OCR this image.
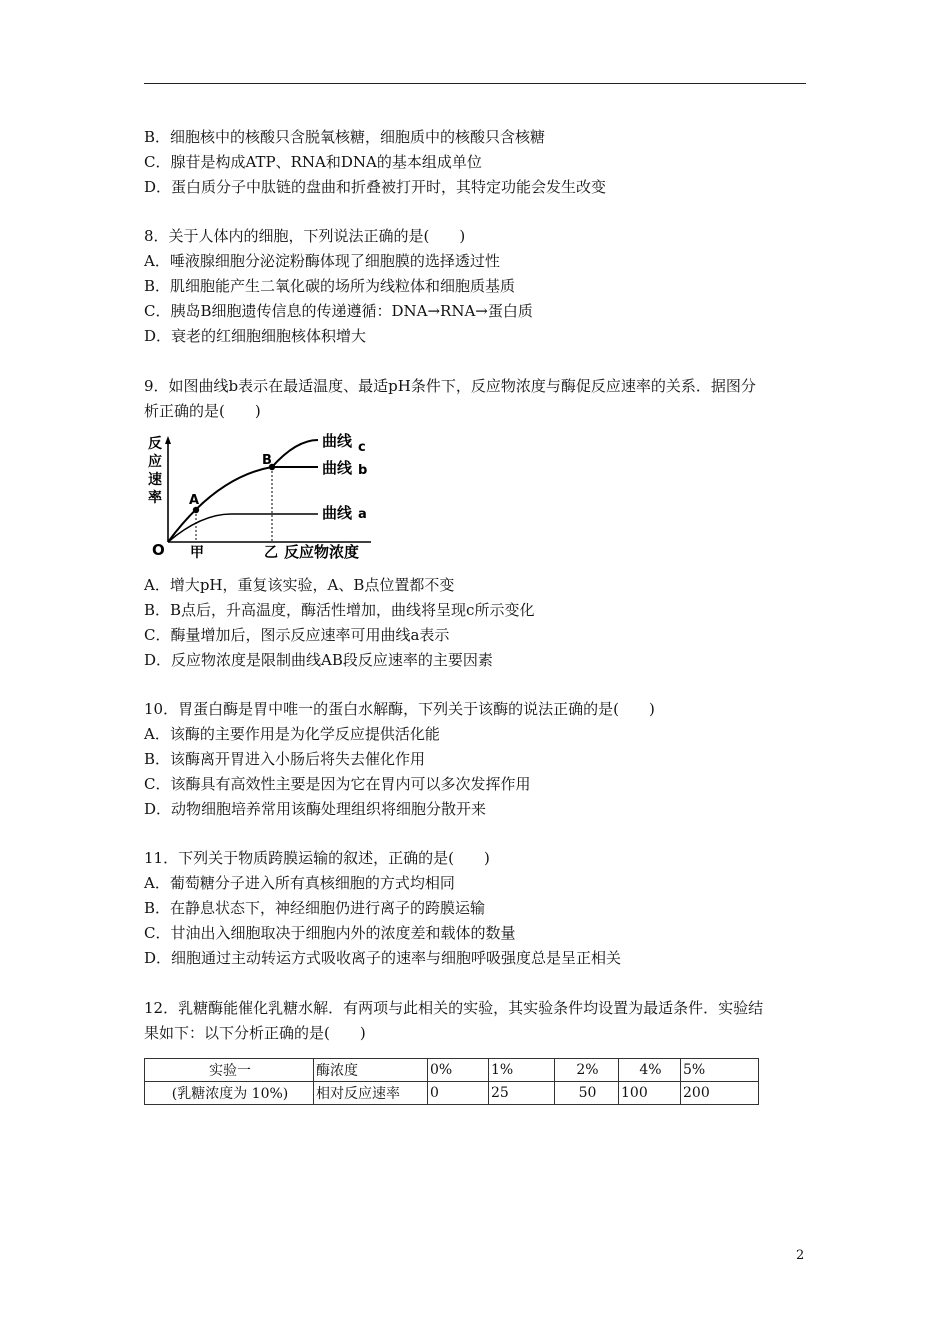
B．细胞核中的核酸只含脱氧核糖，细胞质中的核酸只含核糖
C．腺苷是构成ATP、RNA和DNA的基本组成单位
D．蛋白质分子中肽链的盘曲和折叠被打开时，其特定功能会发生改变
8．关于人体内的细胞，下列说法正确的是(　　)
A．唾液腺细胞分泌淀粉酶体现了细胞膜的选择透过性
B．肌细胞能产生二氧化碳的场所为线粒体和细胞质基质
C．胰岛B细胞遗传信息的传递遵循：DNA→RNA→蛋白质
D．衰老的红细胞细胞核体积增大
9．如图曲线b表示在最适温度、最适pH条件下，反应物浓度与酶促反应速率的关系．据图分
析正确的是(　　)
反
应
速
率
O
A
B
曲线 c
曲线 b
曲线 a
甲	乙 反应物浓度
A．增大pH，重复该实验，A、B点位置都不变
B．B点后，升高温度，酶活性增加，曲线将呈现c所示变化
C．酶量增加后，图示反应速率可用曲线a表示
D．反应物浓度是限制曲线AB段反应速率的主要因素
10．胃蛋白酶是胃中唯一的蛋白水解酶，下列关于该酶的说法正确的是(　　)
A．该酶的主要作用是为化学反应提供活化能
B．该酶离开胃进入小肠后将失去催化作用
C．该酶具有高效性主要是因为它在胃内可以多次发挥作用
D．动物细胞培养常用该酶处理组织将细胞分散开来
11．下列关于物质跨膜运输的叙述，正确的是(　　)
A．葡萄糖分子进入所有真核细胞的方式均相同
B．在静息状态下，神经细胞仍进行离子的跨膜运输
C．甘油出入细胞取决于细胞内外的浓度差和载体的数量
D．细胞通过主动转运方式吸收离子的速率与细胞呼吸强度总是呈正相关
12．乳糖酶能催化乳糖水解．有两项与此相关的实验，其实验条件均设置为最适条件．实验结
果如下：以下分析正确的是(　　)
实验一	酶浓度	0%	1%	2%	4%	5%
(乳糖浓度为 10%)	相对反应速率	0	25	50	100	200
2
